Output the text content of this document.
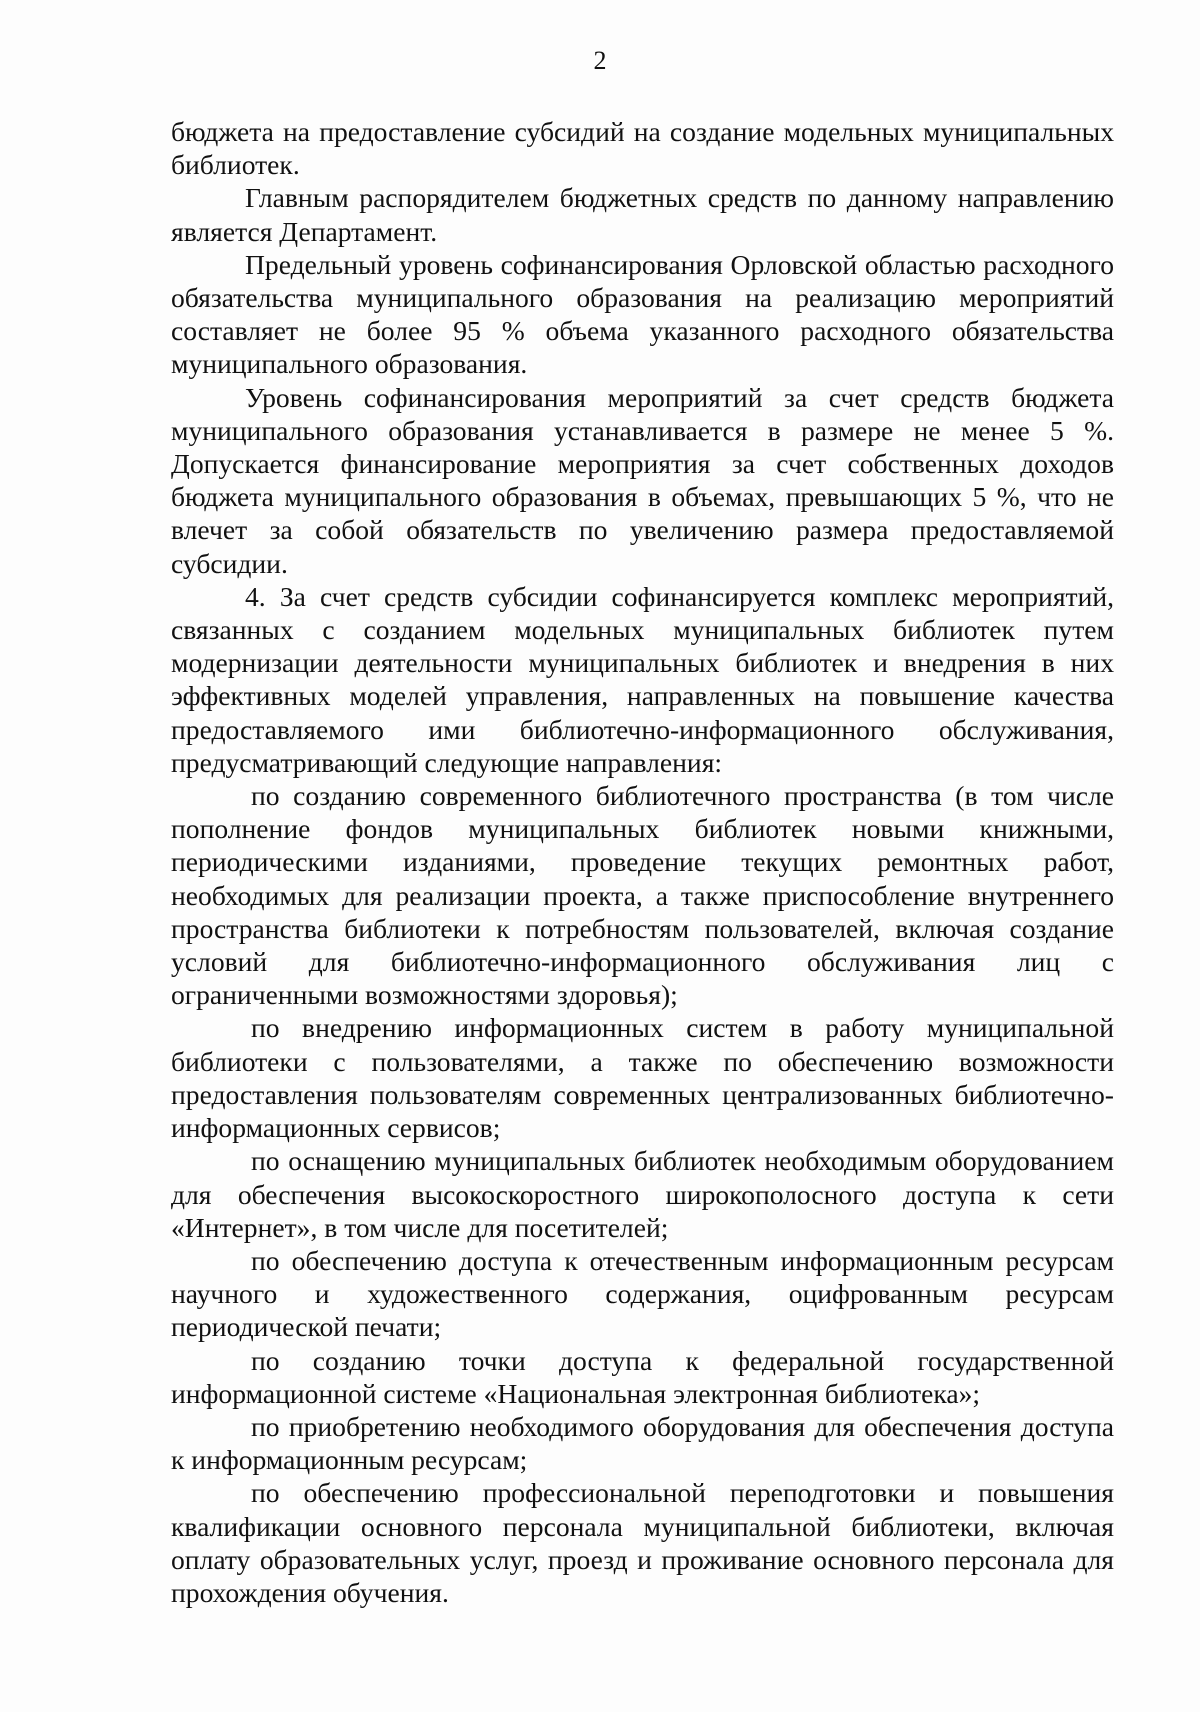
2

бюджета на предоставление субсидий на создание модельных муниципальных библиотек.

Главным распорядителем бюджетных средств по данному направлению является Департамент.

Предельный уровень софинансирования Орловской областью расходного обязательства муниципального образования на реализацию мероприятий составляет не более 95 % объема указанного расходного обязательства муниципального образования.

Уровень софинансирования мероприятий за счет средств бюджета муниципального образования устанавливается в размере не менее 5 %. Допускается финансирование мероприятия за счет собственных доходов бюджета муниципального образования в объемах, превышающих 5 %, что не влечет за собой обязательств по увеличению размера предоставляемой субсидии.

4. За счет средств субсидии софинансируется комплекс мероприятий, связанных с созданием модельных муниципальных библиотек путем модернизации деятельности муниципальных библиотек и внедрения в них эффективных моделей управления, направленных на повышение качества предоставляемого ими библиотечно-информационного обслуживания, предусматривающий следующие направления:

по созданию современного библиотечного пространства (в том числе пополнение фондов муниципальных библиотек новыми книжными, периодическими изданиями, проведение текущих ремонтных работ, необходимых для реализации проекта, а также приспособление внутреннего пространства библиотеки к потребностям пользователей, включая создание условий для библиотечно-информационного обслуживания лиц с ограниченными возможностями здоровья);

по внедрению информационных систем в работу муниципальной библиотеки с пользователями, а также по обеспечению возможности предоставления пользователям современных централизованных библиотечно-информационных сервисов;

по оснащению муниципальных библиотек необходимым оборудованием для обеспечения высокоскоростного широкополосного доступа к сети «Интернет», в том числе для посетителей;

по обеспечению доступа к отечественным информационным ресурсам научного и художественного содержания, оцифрованным ресурсам периодической печати;

по созданию точки доступа к федеральной государственной информационной системе «Национальная электронная библиотека»;

по приобретению необходимого оборудования для обеспечения доступа к информационным ресурсам;

по обеспечению профессиональной переподготовки и повышения квалификации основного персонала муниципальной библиотеки, включая оплату образовательных услуг, проезд и проживание основного персонала для прохождения обучения.
